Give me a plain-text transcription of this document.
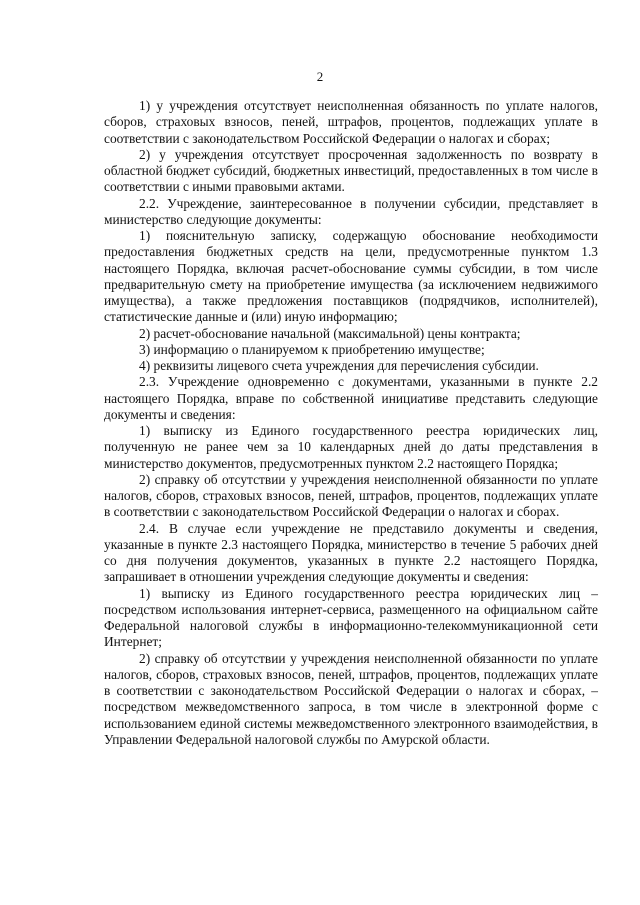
2

1) у учреждения отсутствует неисполненная обязанность по уплате налогов, сборов, страховых взносов, пеней, штрафов, процентов, подлежащих уплате в соответствии с законодательством Российской Федерации о налогах и сборах;

2) у учреждения отсутствует просроченная задолженность по возврату в областной бюджет субсидий, бюджетных инвестиций, предоставленных в том числе в соответствии с иными правовыми актами.

2.2. Учреждение, заинтересованное в получении субсидии, представляет в министерство следующие документы:

1) пояснительную записку, содержащую обоснование необходимости предоставления бюджетных средств на цели, предусмотренные пунктом 1.3 настоящего Порядка, включая расчет-обоснование суммы субсидии, в том числе предварительную смету на приобретение имущества (за исключением недвижимого имущества), а также предложения поставщиков (подрядчиков, исполнителей), статистические данные и (или) иную информацию;

2) расчет-обоснование начальной (максимальной) цены контракта;

3) информацию о планируемом к приобретению имуществе;

4) реквизиты лицевого счета учреждения для перечисления субсидии.

2.3. Учреждение одновременно с документами, указанными в пункте 2.2 настоящего Порядка, вправе по собственной инициативе представить следующие документы и сведения:

1) выписку из Единого государственного реестра юридических лиц, полученную не ранее чем за 10 календарных дней до даты представления в министерство документов, предусмотренных пунктом 2.2 настоящего Порядка;

2) справку об отсутствии у учреждения неисполненной обязанности по уплате налогов, сборов, страховых взносов, пеней, штрафов, процентов, подлежащих уплате в соответствии с законодательством Российской Федерации о налогах и сборах.

2.4. В случае если учреждение не представило документы и сведения, указанные в пункте 2.3 настоящего Порядка, министерство в течение 5 рабочих дней со дня получения документов, указанных в пункте 2.2 настоящего Порядка, запрашивает в отношении учреждения следующие документы и сведения:

1) выписку из Единого государственного реестра юридических лиц – посредством использования интернет-сервиса, размещенного на официальном сайте Федеральной налоговой службы в информационно-телекоммуникационной сети Интернет;

2) справку об отсутствии у учреждения неисполненной обязанности по уплате налогов, сборов, страховых взносов, пеней, штрафов, процентов, подлежащих уплате в соответствии с законодательством Российской Федерации о налогах и сборах, – посредством межведомственного запроса, в том числе в электронной форме с использованием единой системы межведомственного электронного взаимодействия, в Управлении Федеральной налоговой службы по Амурской области.
